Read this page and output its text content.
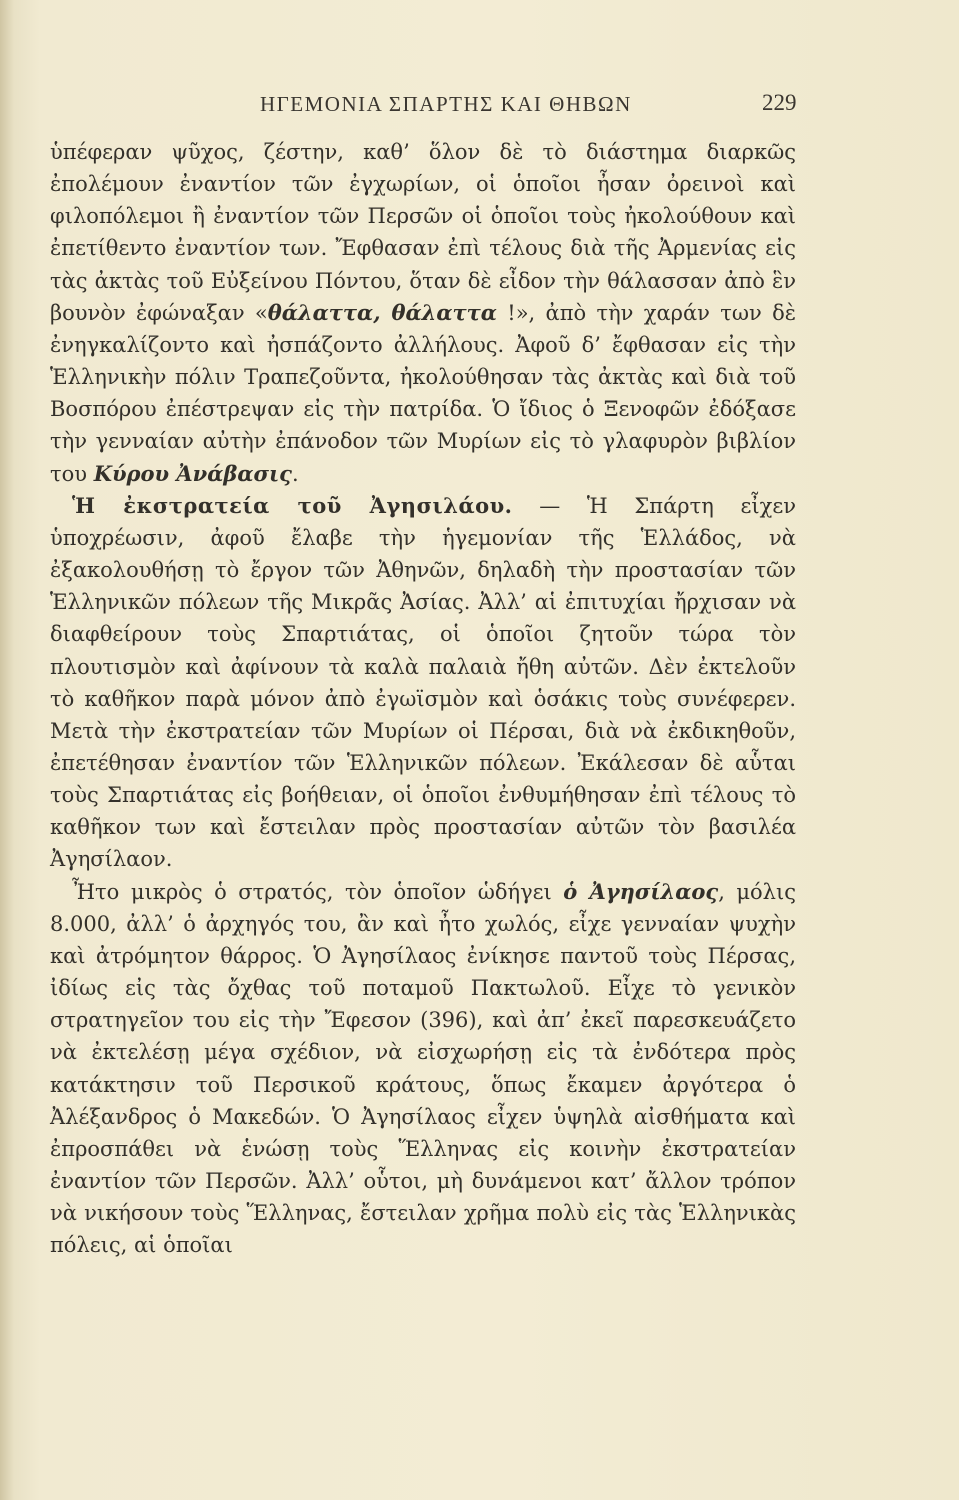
ΗΓΕΜΟΝΙΑ ΣΠΑΡΤΗΣ ΚΑΙ ΘΗΒΩΝ	229

ὑπέφεραν ψῦχος, ζέστην, καθ’ ὅλον δὲ τὸ διάστημα διαρκῶς ἐπολέμουν ἐναντίον τῶν ἐγχωρίων, οἱ ὁποῖοι ἦσαν ὀρεινοὶ καὶ φιλοπόλεμοι ἢ ἐναντίον τῶν Περσῶν οἱ ὁποῖοι τοὺς ἠκολούθουν καὶ ἐπετίθεντο ἐναντίον των. Ἔφθασαν ἐπὶ τέλους διὰ τῆς Ἀρμενίας εἰς τὰς ἀκτὰς τοῦ Εὐξείνου Πόντου, ὅταν δὲ εἶδον τὴν θάλασσαν ἀπὸ ἓν βουνὸν ἐφώναξαν «θάλαττα, θάλαττα !», ἀπὸ τὴν χαράν των δὲ ἐνηγκαλίζοντο καὶ ἠσπάζοντο ἀλλήλους. Ἀφοῦ δ’ ἔφθασαν εἰς τὴν Ἑλληνικὴν πόλιν Τραπεζοῦντα, ἠκολούθησαν τὰς ἀκτὰς καὶ διὰ τοῦ Βοσπόρου ἐπέστρεψαν εἰς τὴν πατρίδα. Ὁ ἴδιος ὁ Ξενοφῶν ἐδόξασε τὴν γενναίαν αὐτὴν ἐπάνοδον τῶν Μυρίων εἰς τὸ γλαφυρὸν βιβλίον του Κύρου Ἀνάβασις.

Ἡ ἐκστρατεία τοῦ Ἀγησιλάου. — Ἡ Σπάρτη εἶχεν ὑποχρέωσιν, ἀφοῦ ἔλαβε τὴν ἡγεμονίαν τῆς Ἑλλάδος, νὰ ἐξακολουθήσῃ τὸ ἔργον τῶν Ἀθηνῶν, δηλαδὴ τὴν προστασίαν τῶν Ἑλληνικῶν πόλεων τῆς Μικρᾶς Ἀσίας. Ἀλλ’ αἱ ἐπιτυχίαι ἤρχισαν νὰ διαφθείρουν τοὺς Σπαρτιάτας, οἱ ὁποῖοι ζητοῦν τώρα τὸν πλουτισμὸν καὶ ἀφίνουν τὰ καλὰ παλαιὰ ἤθη αὐτῶν. Δὲν ἐκτελοῦν τὸ καθῆκον παρὰ μόνον ἀπὸ ἐγωϊσμὸν καὶ ὁσάκις τοὺς συνέφερεν. Μετὰ τὴν ἐκστρατείαν τῶν Μυρίων οἱ Πέρσαι, διὰ νὰ ἐκδικηθοῦν, ἐπετέθησαν ἐναντίον τῶν Ἑλληνικῶν πόλεων. Ἐκάλεσαν δὲ αὗται τοὺς Σπαρτιάτας εἰς βοήθειαν, οἱ ὁποῖοι ἐνθυμήθησαν ἐπὶ τέλους τὸ καθῆκον των καὶ ἔστειλαν πρὸς προστασίαν αὐτῶν τὸν βασιλέα Ἀγησίλαον.

Ἦτο μικρὸς ὁ στρατός, τὸν ὁποῖον ὡδήγει ὁ Ἀγησίλαος, μόλις 8.000, ἀλλ’ ὁ ἀρχηγός του, ἂν καὶ ἦτο χωλός, εἶχε γενναίαν ψυχὴν καὶ ἀτρόμητον θάρρος. Ὁ Ἀγησίλαος ἐνίκησε παντοῦ τοὺς Πέρσας, ἰδίως εἰς τὰς ὄχθας τοῦ ποταμοῦ Πακτωλοῦ. Εἶχε τὸ γενικὸν στρατηγεῖον του εἰς τὴν Ἔφεσον (396), καὶ ἀπ’ ἐκεῖ παρεσκευάζετο νὰ ἐκτελέσῃ μέγα σχέδιον, νὰ εἰσχωρήσῃ εἰς τὰ ἐνδότερα πρὸς κατάκτησιν τοῦ Περσικοῦ κράτους, ὅπως ἔκαμεν ἀργότερα ὁ Ἀλέξανδρος ὁ Μακεδών. Ὁ Ἀγησίλαος εἶχεν ὑψηλὰ αἰσθήματα καὶ ἐπροσπάθει νὰ ἑνώσῃ τοὺς Ἕλληνας εἰς κοινὴν ἐκστρατείαν ἐναντίον τῶν Περσῶν. Ἀλλ’ οὗτοι, μὴ δυνάμενοι κατ’ ἄλλον τρόπον νὰ νικήσουν τοὺς Ἕλληνας, ἔστειλαν χρῆμα πολὺ εἰς τὰς Ἑλληνικὰς πόλεις, αἱ ὁποῖαι
